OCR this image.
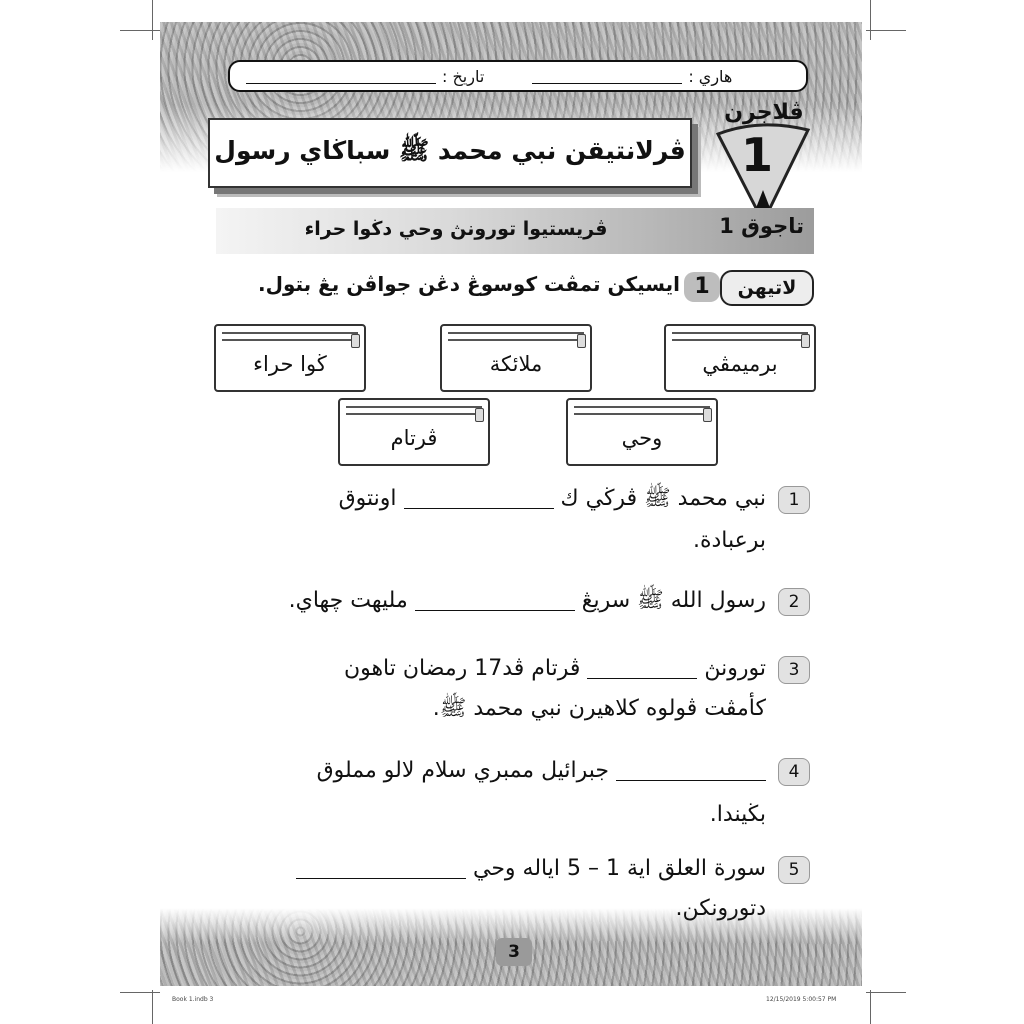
هاري :
تاريخ :
ڤلاجرن
1
ڤرلانتيقن نبي محمد ﷺ سباڬاي رسول
ڤريستيوا تورونڽ وحي دڬوا حراء	تاجوق 1
لاتيهن
1
ايسيكن تمڤت كوسوڠ دڠن جواڤن يڠ بتول.
ڬوا حراء	ملائكة	برميمڤي
ڤرتام	وحي
1
نبي محمد ﷺ ڤرڬي ك  اونتوق
برعبادة.
2
رسول الله ﷺ سريڠ  مليهت چهاي.
3
تورونڽ  ڤرتام ڤد17 رمضان تاهون
كأمڤت ڤولوه كلاهيرن نبي محمد ﷺ.
4
جبرائيل ممبري سلام لالو مملوق
بڬيندا.
5
سورة العلق اية 1 – 5 اياله وحي
دتورونكن.
3
Book 1.indb 3	12/15/2019 5:00:57 PM
